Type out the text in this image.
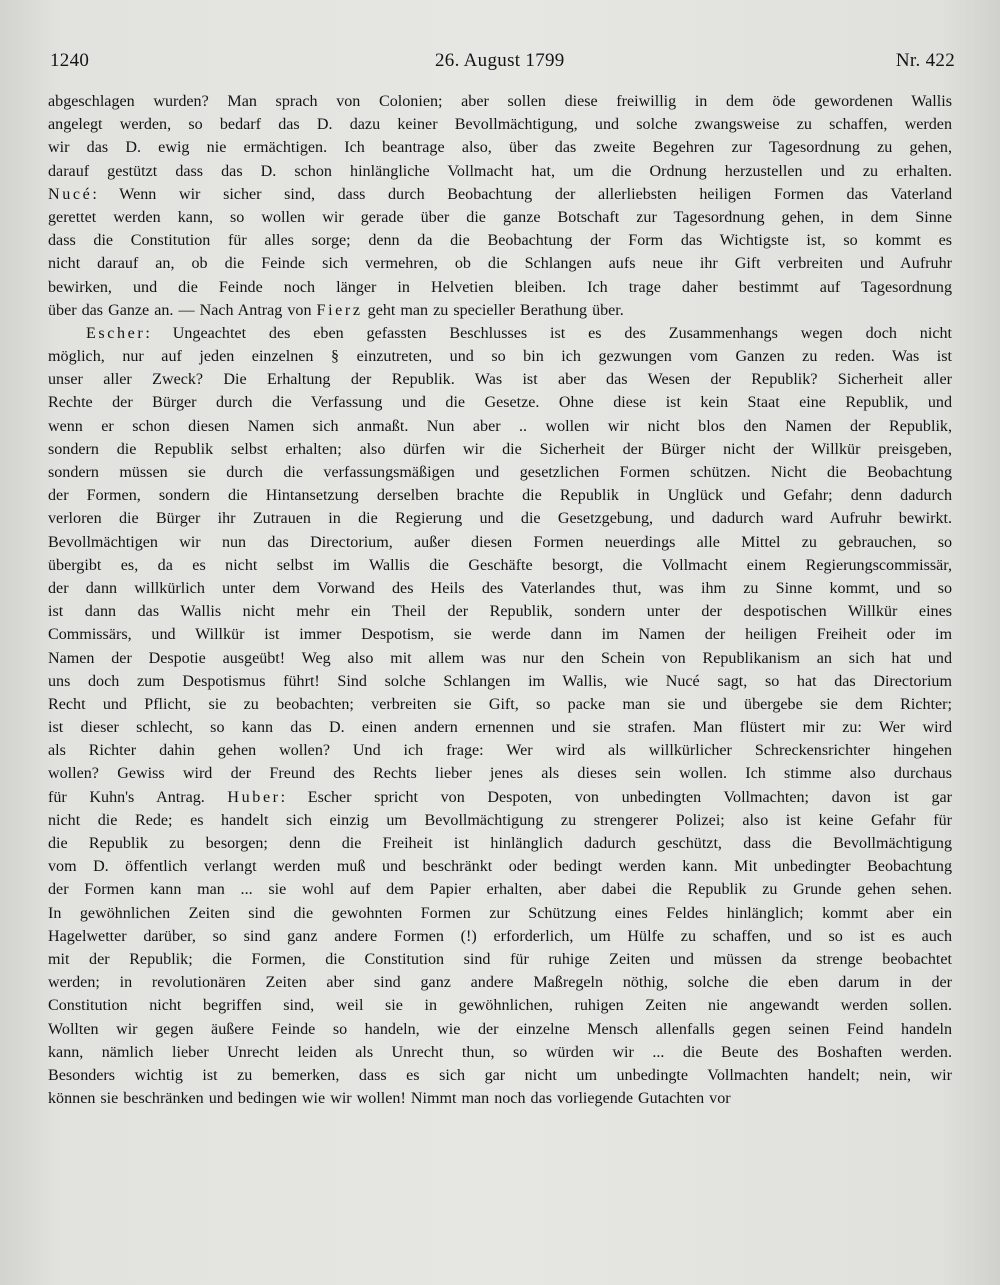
1240	26. August 1799	Nr. 422
abgeschlagen wurden? Man sprach von Colonien; aber sollen diese freiwillig in dem öde gewordenen Wallis
angelegt werden, so bedarf das D. dazu keiner Bevollmächtigung, und solche zwangsweise zu schaffen, werden
wir das D. ewig nie ermächtigen. Ich beantrage also, über das zweite Begehren zur Tagesordnung zu gehen,
darauf gestützt dass das D. schon hinlängliche Vollmacht hat, um die Ordnung herzustellen und zu erhalten.
Nucé: Wenn wir sicher sind, dass durch Beobachtung der allerliebsten heiligen Formen das Vaterland
gerettet werden kann, so wollen wir gerade über die ganze Botschaft zur Tagesordnung gehen, in dem Sinne
dass die Constitution für alles sorge; denn da die Beobachtung der Form das Wichtigste ist, so kommt es
nicht darauf an, ob die Feinde sich vermehren, ob die Schlangen aufs neue ihr Gift verbreiten und Aufruhr
bewirken, und die Feinde noch länger in Helvetien bleiben. Ich trage daher bestimmt auf Tagesordnung
über das Ganze an. — Nach Antrag von Fierz geht man zu specieller Berathung über.
Escher: Ungeachtet des eben gefassten Beschlusses ist es des Zusammenhangs wegen doch nicht
möglich, nur auf jeden einzelnen § einzutreten, und so bin ich gezwungen vom Ganzen zu reden. Was ist
unser aller Zweck? Die Erhaltung der Republik. Was ist aber das Wesen der Republik? Sicherheit aller
Rechte der Bürger durch die Verfassung und die Gesetze. Ohne diese ist kein Staat eine Republik, und
wenn er schon diesen Namen sich anmaßt. Nun aber .. wollen wir nicht blos den Namen der Republik,
sondern die Republik selbst erhalten; also dürfen wir die Sicherheit der Bürger nicht der Willkür preisgeben,
sondern müssen sie durch die verfassungsmäßigen und gesetzlichen Formen schützen. Nicht die Beobachtung
der Formen, sondern die Hintansetzung derselben brachte die Republik in Unglück und Gefahr; denn dadurch
verloren die Bürger ihr Zutrauen in die Regierung und die Gesetzgebung, und dadurch ward Aufruhr bewirkt.
Bevollmächtigen wir nun das Directorium, außer diesen Formen neuerdings alle Mittel zu gebrauchen, so
übergibt es, da es nicht selbst im Wallis die Geschäfte besorgt, die Vollmacht einem Regierungscommissär,
der dann willkürlich unter dem Vorwand des Heils des Vaterlandes thut, was ihm zu Sinne kommt, und so
ist dann das Wallis nicht mehr ein Theil der Republik, sondern unter der despotischen Willkür eines
Commissärs, und Willkür ist immer Despotism, sie werde dann im Namen der heiligen Freiheit oder im
Namen der Despotie ausgeübt! Weg also mit allem was nur den Schein von Republikanism an sich hat und
uns doch zum Despotismus führt! Sind solche Schlangen im Wallis, wie Nucé sagt, so hat das Directorium
Recht und Pflicht, sie zu beobachten; verbreiten sie Gift, so packe man sie und übergebe sie dem Richter;
ist dieser schlecht, so kann das D. einen andern ernennen und sie strafen. Man flüstert mir zu: Wer wird
als Richter dahin gehen wollen? Und ich frage: Wer wird als willkürlicher Schreckensrichter hingehen
wollen? Gewiss wird der Freund des Rechts lieber jenes als dieses sein wollen. Ich stimme also durchaus
für Kuhn's Antrag. Huber: Escher spricht von Despoten, von unbedingten Vollmachten; davon ist gar
nicht die Rede; es handelt sich einzig um Bevollmächtigung zu strengerer Polizei; also ist keine Gefahr für
die Republik zu besorgen; denn die Freiheit ist hinlänglich dadurch geschützt, dass die Bevollmächtigung
vom D. öffentlich verlangt werden muß und beschränkt oder bedingt werden kann. Mit unbedingter Beobachtung
der Formen kann man ... sie wohl auf dem Papier erhalten, aber dabei die Republik zu Grunde gehen sehen.
In gewöhnlichen Zeiten sind die gewohnten Formen zur Schützung eines Feldes hinlänglich; kommt aber ein
Hagelwetter darüber, so sind ganz andere Formen (!) erforderlich, um Hülfe zu schaffen, und so ist es auch
mit der Republik; die Formen, die Constitution sind für ruhige Zeiten und müssen da strenge beobachtet
werden; in revolutionären Zeiten aber sind ganz andere Maßregeln nöthig, solche die eben darum in der
Constitution nicht begriffen sind, weil sie in gewöhnlichen, ruhigen Zeiten nie angewandt werden sollen.
Wollten wir gegen äußere Feinde so handeln, wie der einzelne Mensch allenfalls gegen seinen Feind handeln
kann, nämlich lieber Unrecht leiden als Unrecht thun, so würden wir ... die Beute des Boshaften werden.
Besonders wichtig ist zu bemerken, dass es sich gar nicht um unbedingte Vollmachten handelt; nein, wir
können sie beschränken und bedingen wie wir wollen! Nimmt man noch das vorliegende Gutachten vor
